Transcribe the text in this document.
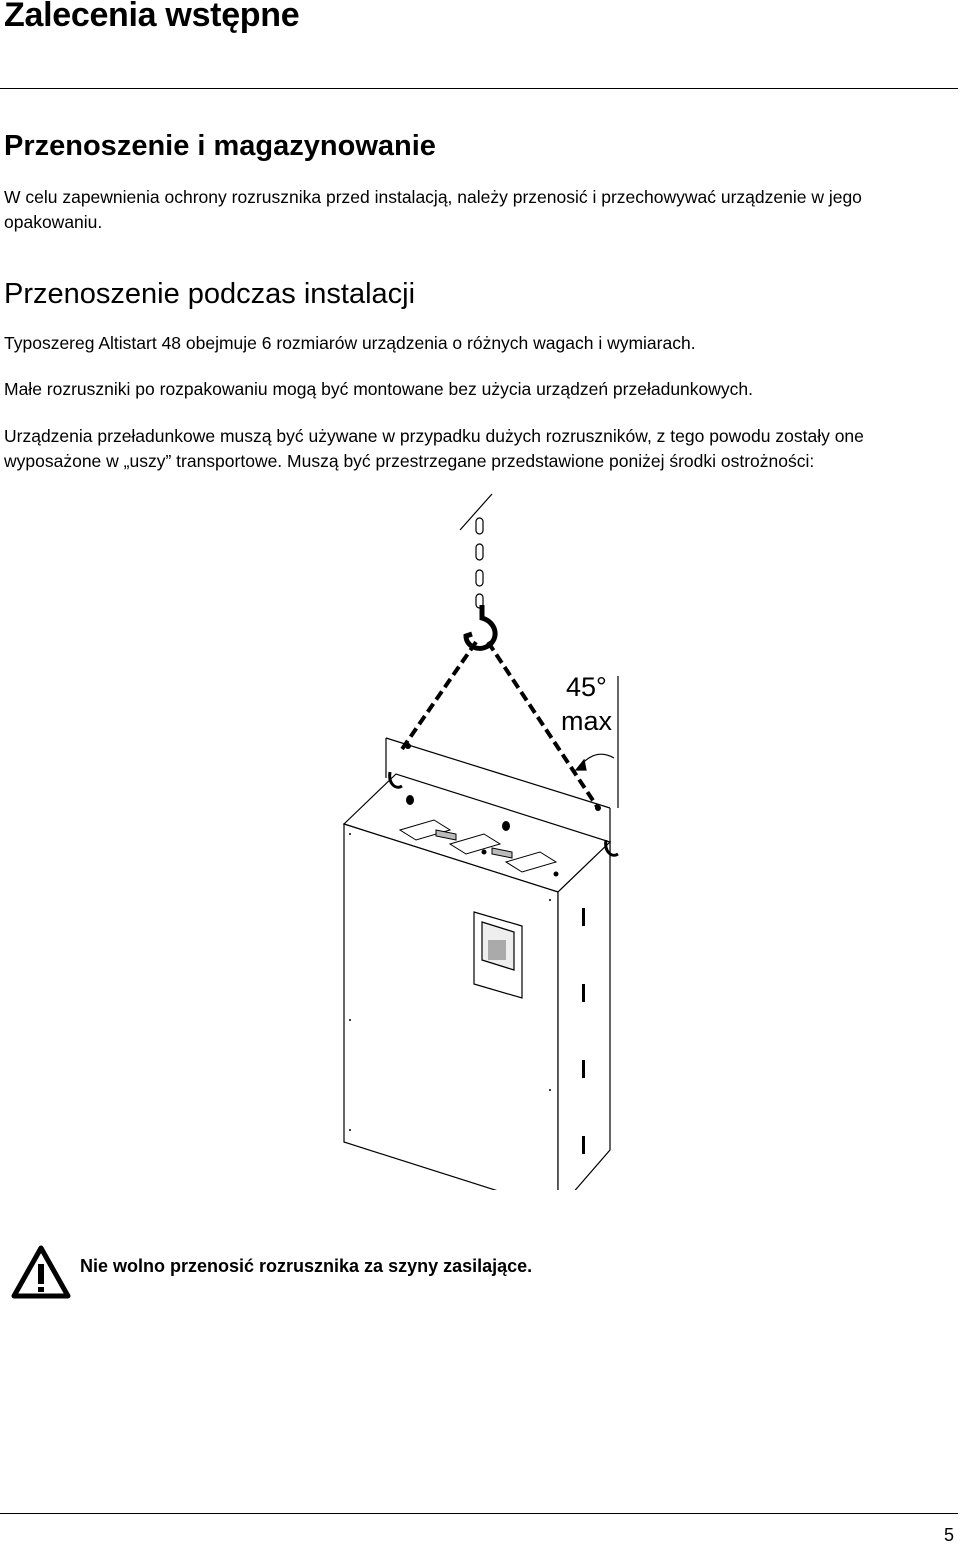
Zalecenia wstępne
Przenoszenie i magazynowanie
W celu zapewnienia ochrony rozrusznika przed instalacją, należy przenosić i przechowywać urządzenie w jego opakowaniu.
Przenoszenie podczas instalacji
Typoszereg Altistart 48 obejmuje 6 rozmiarów urządzenia o różnych wagach i wymiarach.
Małe rozruszniki po rozpakowaniu mogą być montowane bez użycia urządzeń przeładunkowych.
Urządzenia przeładunkowe muszą być używane w przypadku dużych rozruszników, z tego powodu zostały one wyposażone w „uszy” transportowe. Muszą być przestrzegane przedstawione poniżej środki ostrożności:
45°
max
Nie wolno przenosić rozrusznika za szyny zasilające.
5
